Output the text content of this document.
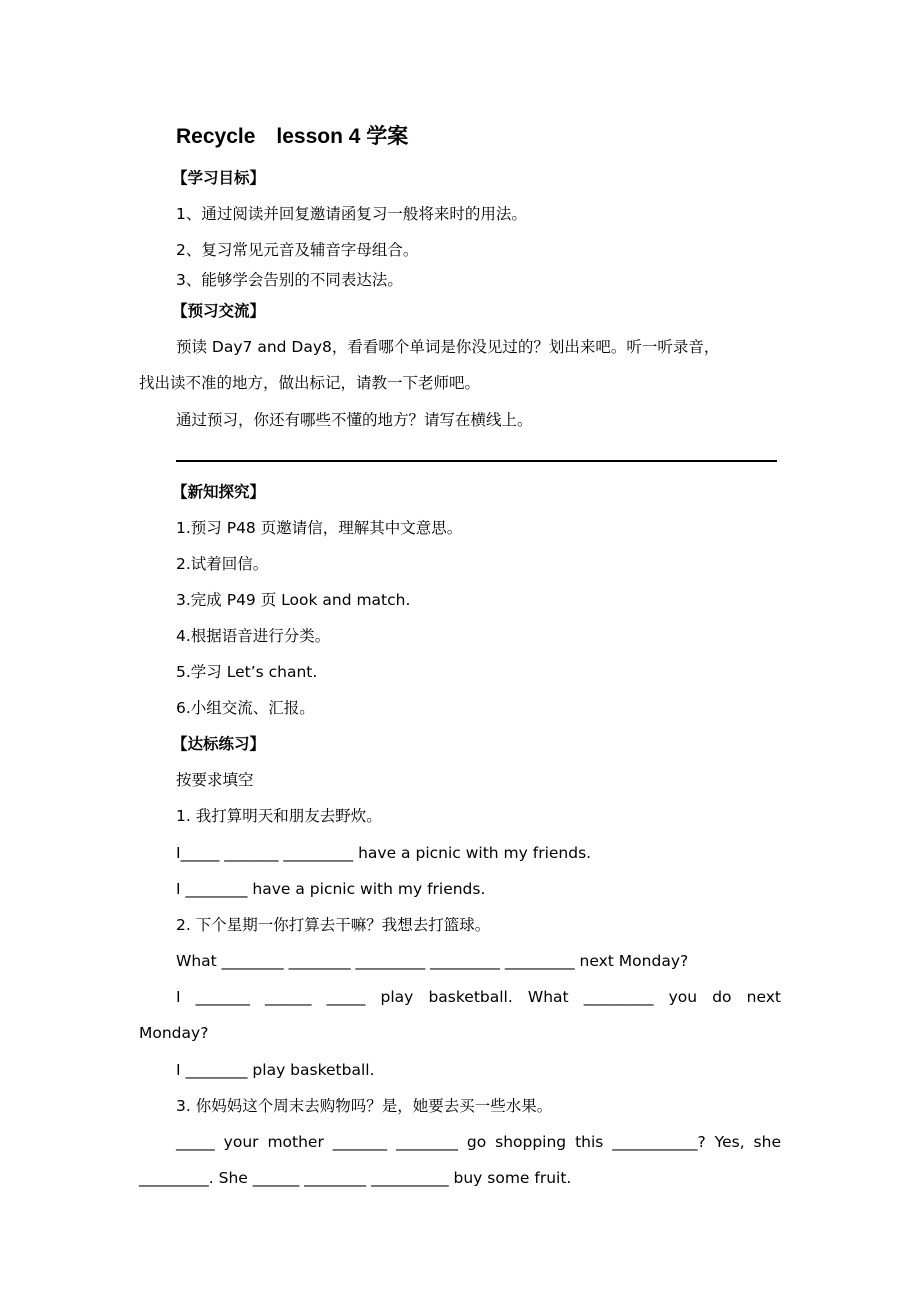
Recycle　lesson 4 学案
【学习目标】
1、通过阅读并回复邀请函复习一般将来时的用法。
2、复习常见元音及辅音字母组合。
3、能够学会告别的不同表达法。
【预习交流】
预读 Day7 and Day8，看看哪个单词是你没见过的？划出来吧。听一听录音，
找出读不准的地方，做出标记，请教一下老师吧。
通过预习，你还有哪些不懂的地方？请写在横线上。
【新知探究】
1.预习 P48 页邀请信，理解其中文意思。
2.试着回信。
3.完成 P49 页 Look and match.
4.根据语音进行分类。
5.学习 Let’s chant.
6.小组交流、汇报。
【达标练习】
按要求填空
1. 我打算明天和朋友去野炊。
I_____ _______ _________ have a picnic with my friends.
I ________ have a picnic with my friends.
2. 下个星期一你打算去干嘛？我想去打篮球。
What ________ ________ _________ _________ _________ next Monday?
I _______ ______ _____ play basketball. What _________ you do next
Monday?
I ________ play basketball.
3. 你妈妈这个周末去购物吗？是，她要去买一些水果。
_____ your mother _______ ________ go shopping this ___________? Yes, she
_________. She ______ ________ __________ buy some fruit.
